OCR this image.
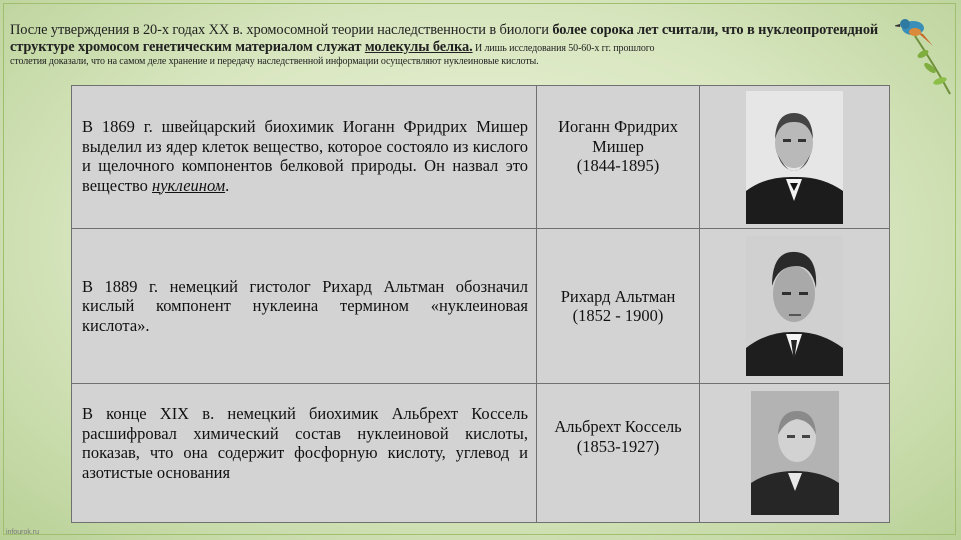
После утверждения в 20-х годах XX в. хромосомной теории наследственности в биологи более сорока лет считали, что в нуклеопротеидной структуре хромосом генетическим материалом служат молекулы белка. И лишь исследования 50-60-х гг. прошлого
столетия доказали, что на самом деле хранение и передачу наследственной информации осуществляют нуклеиновые кислоты.
В 1869 г. швейцарский биохимик Иоганн Фридрих Мишер выделил из ядер клеток вещество, которое состояло из кислого и щелочного компонентов белковой природы. Он назвал это вещество нуклеином.	Иоганн Фридрих Мишер
(1844-1895)

В 1889 г. немецкий гистолог Рихард Альтман обозначил кислый компонент нуклеина термином «нуклеиновая кислота».	Рихард Альтман
(1852 - 1900)

В конце XIX в. немецкий биохимик Альбрехт Коссель расшифровал химический состав нуклеиновой кислоты, показав, что она содержит фосфорную кислоту, углевод и азотистые основания	Альбрехт Коссель
(1853-1927)

infourok.ru
